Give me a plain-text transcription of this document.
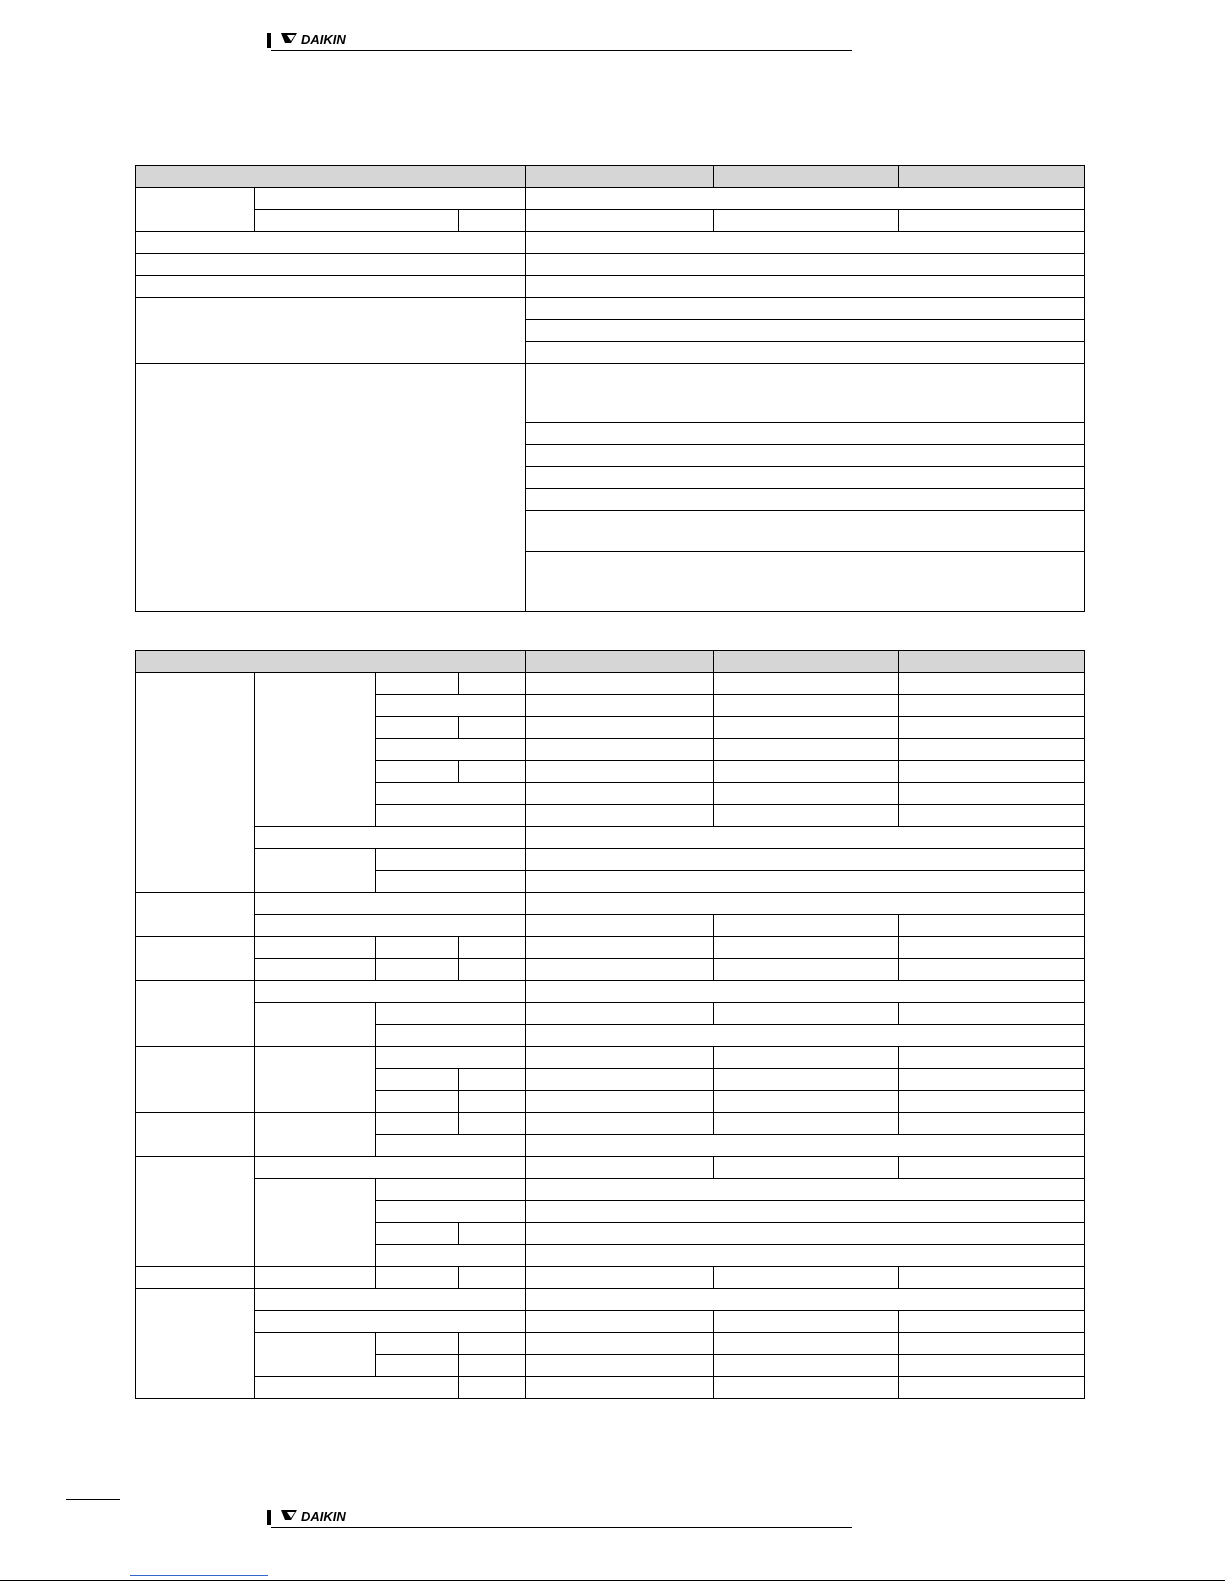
DAIKIN

DAIKIN
